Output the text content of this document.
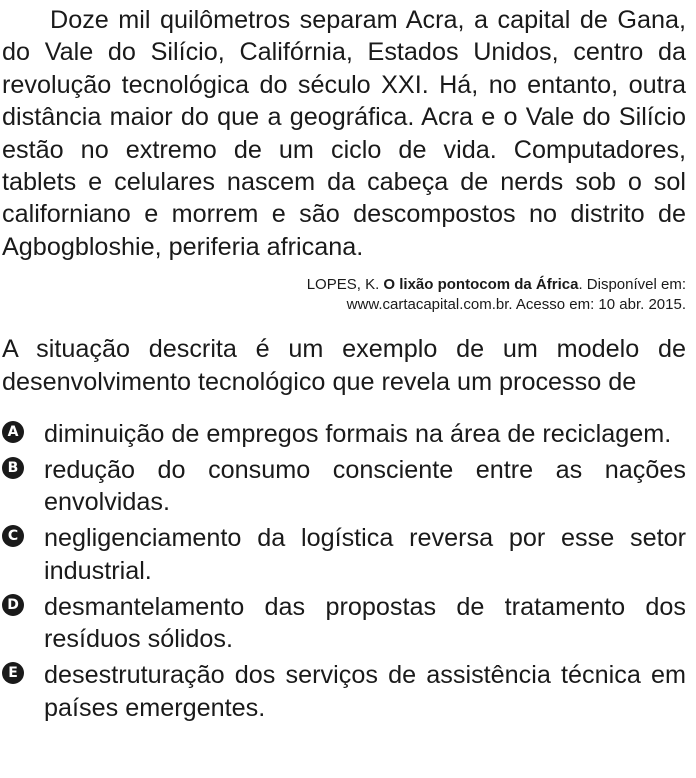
Doze mil quilômetros separam Acra, a capital de Gana, do Vale do Silício, Califórnia, Estados Unidos, centro da revolução tecnológica do século XXI. Há, no entanto, outra distância maior do que a geográfica. Acra e o Vale do Silício estão no extremo de um ciclo de vida. Computadores, tablets e celulares nascem da cabeça de nerds sob o sol californiano e morrem e são descompostos no distrito de Agbogbloshie, periferia africana.

LOPES, K. O lixão pontocom da África. Disponível em:
www.cartacapital.com.br. Acesso em: 10 abr. 2015.

A situação descrita é um exemplo de um modelo de desenvolvimento tecnológico que revela um processo de

A diminuição de empregos formais na área de reciclagem.
B redução do consumo consciente entre as nações envolvidas.
C negligenciamento da logística reversa por esse setor industrial.
D desmantelamento das propostas de tratamento dos resíduos sólidos.
E desestruturação dos serviços de assistência técnica em países emergentes.
